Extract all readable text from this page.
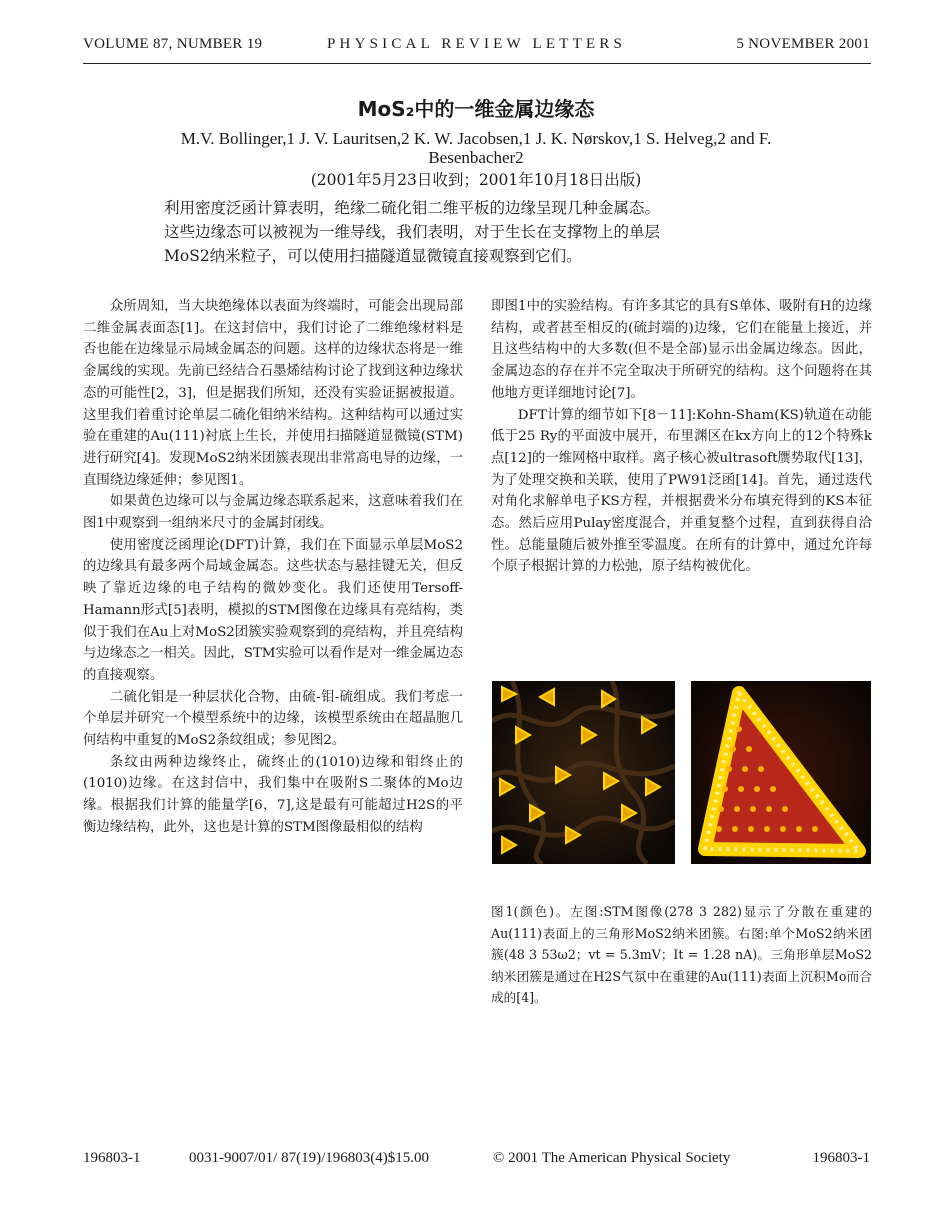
VOLUME 87, NUMBER 19	PHYSICAL REVIEW LETTERS	5 NOVEMBER 2001
MoS₂中的一维金属边缘态
M.V. Bollinger,1 J. V. Lauritsen,2 K. W. Jacobsen,1 J. K. Nørskov,1 S. Helveg,2 and F. Besenbacher2
(2001年5月23日收到；2001年10月18日出版)

利用密度泛函计算表明，绝缘二硫化钼二维平板的边缘呈现几种金属态。

这些边缘态可以被视为一维导线，我们表明，对于生长在支撑物上的单层

MoS2纳米粒子，可以使用扫描隧道显微镜直接观察到它们。

众所周知，当大块绝缘体以表面为终端时，可能会出现局部二维金属表面态[1]。在这封信中，我们讨论了二维绝缘材料是否也能在边缘显示局域金属态的问题。这样的边缘状态将是一维金属线的实现。先前已经结合石墨烯结构讨论了找到这种边缘状态的可能性[2，3]，但是据我们所知，还没有实验证据被报道。这里我们着重讨论单层二硫化钼纳米结构。这种结构可以通过实验在重建的Au(111)衬底上生长，并使用扫描隧道显微镜(STM)进行研究[4]。发现MoS2纳米团簇表现出非常高电导的边缘，一直围绕边缘延伸；参见图1。

如果黄色边缘可以与金属边缘态联系起来，这意味着我们在图1中观察到一组纳米尺寸的金属封闭线。

使用密度泛函理论(DFT)计算，我们在下面显示单层MoS2的边缘具有最多两个局域金属态。这些状态与悬挂键无关，但反映了靠近边缘的电子结构的微妙变化。我们还使用Tersoff-Hamann形式[5]表明，模拟的STM图像在边缘具有亮结构，类似于我们在Au上对MoS2团簇实验观察到的亮结构，并且亮结构与边缘态之一相关。因此，STM实验可以看作是对一维金属边态的直接观察。

二硫化钼是一种层状化合物，由硫-钼-硫组成。我们考虑一个单层并研究一个模型系统中的边缘，该模型系统由在超晶胞几何结构中重复的MoS2条纹组成；参见图2。

条纹由两种边缘终止，硫终止的(1010)边缘和钼终止的(1010)边缘。在这封信中，我们集中在吸附S二聚体的Mo边缘。根据我们计算的能量学[6，7],这是最有可能超过H2S的平衡边缘结构，此外，这也是计算的STM图像最相似的结构

即图1中的实验结构。有许多其它的具有S单体、吸附有H的边缘结构，或者甚至相反的(硫封端的)边缘，它们在能量上接近，并且这些结构中的大多数(但不是全部)显示出金属边缘态。因此，金属边态的存在并不完全取决于所研究的结构。这个问题将在其他地方更详细地讨论[7]。

DFT计算的细节如下[8－11]:Kohn-Sham(KS)轨道在动能低于25 Ry的平面波中展开，布里渊区在kx方向上的12个特殊k点[12]的一维网格中取样。离子核心被ultrasoft赝势取代[13]，为了处理交换和关联，使用了PW91泛函[14]。首先，通过迭代对角化求解单电子KS方程，并根据费米分布填充得到的KS本征态。然后应用Pulay密度混合，并重复整个过程，直到获得自洽性。总能量随后被外推至零温度。在所有的计算中，通过允许每个原子根据计算的力松弛，原子结构被优化。

图1(颜色)。左图:STM图像(278 3 282)显示了分散在重建的Au(111)表面上的三角形MoS2纳米团簇。右图:单个MoS2纳米团簇(48 3 53ω2；vt = 5.3mV；It = 1.28 nA)。三角形单层MoS2纳米团簇是通过在H2S气氛中在重建的Au(111)表面上沉积Mo而合成的[4]。
196803-1	0031-9007/01/ 87(19)/196803(4)$15.00	© 2001 The American Physical Society	196803-1
